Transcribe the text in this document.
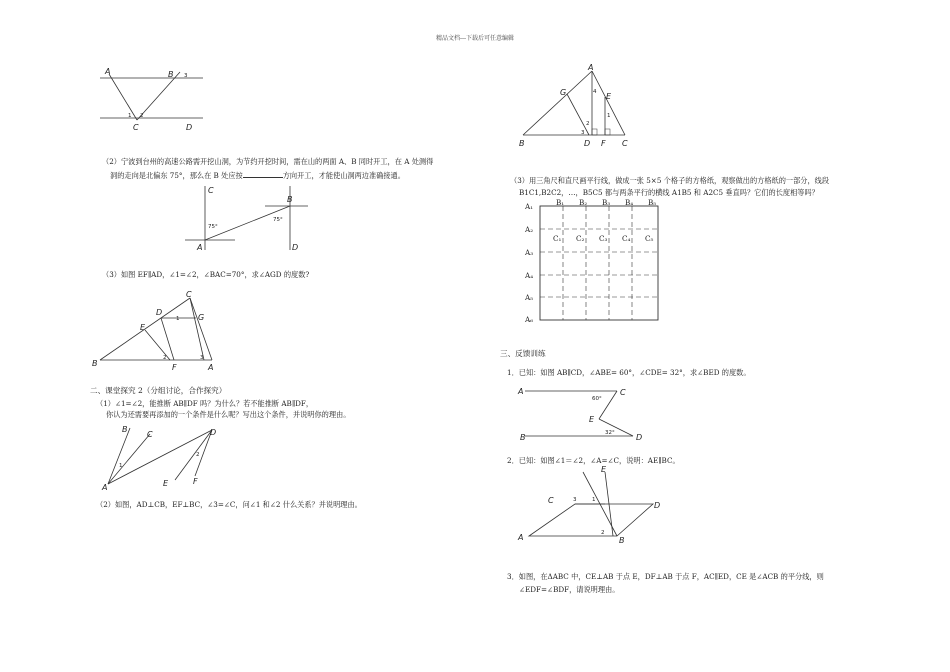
精品文档---下载后可任意编辑
A	B
C	D
3
1 2
（2）宁波到台州的高速公路需开挖山洞，为节约开挖时间，需在山的两面 A、B 同时开工，在 A 处测得
洞的走向是北偏东 75°，那么在 B 处应按	方向开工，才能使山洞两边准确接通。
C
B
A	D
75°
75°
（3）如图 EF∥AD，∠1=∠2，∠BAC=70°，求∠AGD 的度数?
C
D
G
E
B	F	A
1
2	3
二、课堂探究 2（分组讨论，合作探究）
（1）∠1=∠2，能推断 AB∥DF 吗？为什么？若不能推断 AB∥DF，
你认为还需要再添加的一个条件是什么呢？写出这个条件，并说明你的理由。
B
C	D
A	E	F
1
2
（2）如图，AD⊥CB，EF⊥BC，∠3=∠C，问∠1 和∠2 什么关系？并说明理由。
A
G	E
B	D F C
1
2
3
4
（3）用三角尺和直尺画平行线，做成一张 5×5 个格子的方格纸，观察做出的方格纸的一部分，线段
B1C1,B2C2，…，B5C5 都与两条平行的横线 A1B5 和 A2C5 垂直吗？它们的长度相等吗？
A₁
A₂
A₃
A₄
A₅
A₆
B₁ B₂ B₃ B₄ B₅
C₁ C₂ C₃ C₄ C₅
三、反馈训练
1．已知：如图 AB∥CD，∠ABE= 60°，∠CDE= 32°，求∠BED 的度数。
A	C
E
B	D
60°
32°
2．已知：如图∠1＝∠2，∠A=∠C，说明：AE∥BC。
E
C
D
A	B
1
2
3
3．如图，在ΔABC 中，CE⊥AB 于点 E，DF⊥AB 于点 F，AC∥ED，CE 是∠ACB 的平分线，则
∠EDF=∠BDF，请说明理由。
